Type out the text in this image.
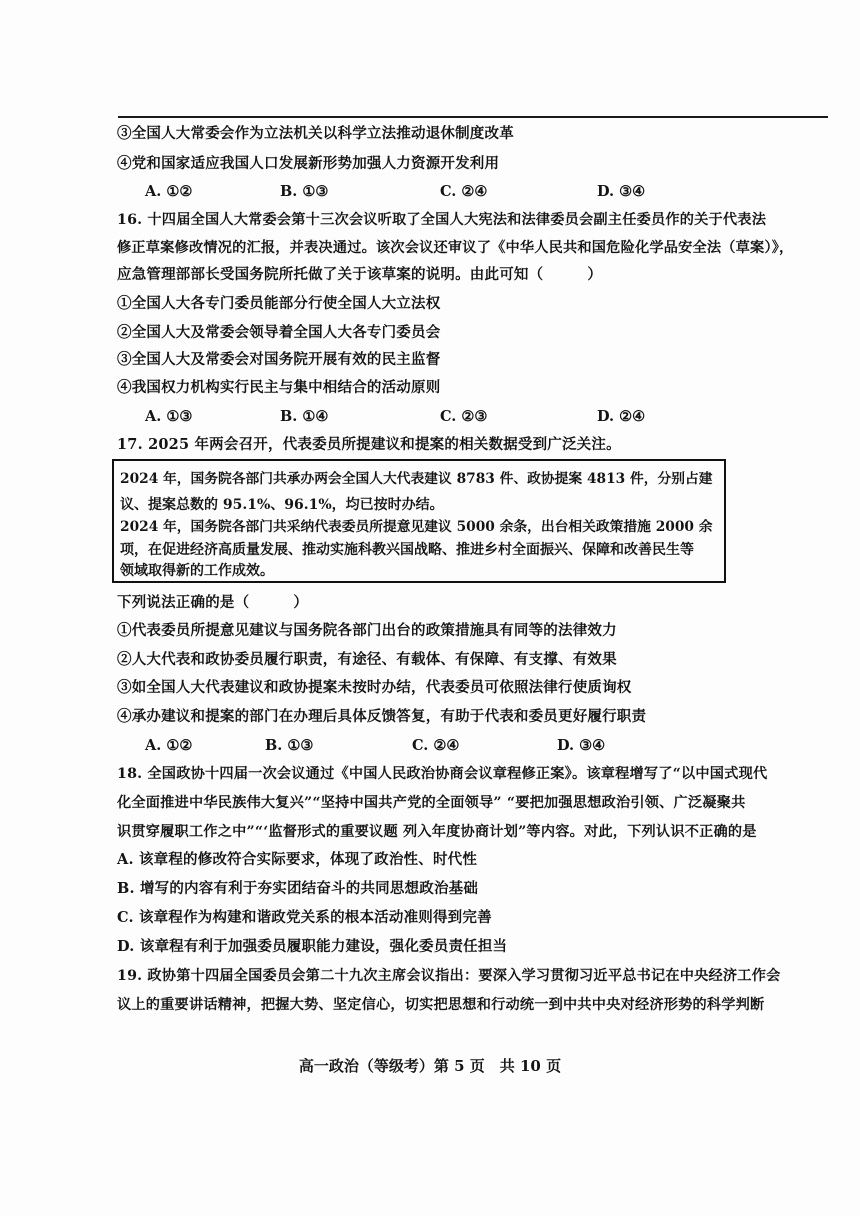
③全国人大常委会作为立法机关以科学立法推动退休制度改革
④党和国家适应我国人口发展新形势加强人力资源开发利用
A. ①②	B. ①③	C. ②④	D. ③④
16. 十四届全国人大常委会第十三次会议听取了全国人大宪法和法律委员会副主任委员作的关于代表法
修正草案修改情况的汇报，并表决通过。该次会议还审议了《中华人民共和国危险化学品安全法（草案）》，
应急管理部部长受国务院所托做了关于该草案的说明。由此可知（　　　）
①全国人大各专门委员能部分行使全国人大立法权
②全国人大及常委会领导着全国人大各专门委员会
③全国人大及常委会对国务院开展有效的民主监督
④我国权力机构实行民主与集中相结合的活动原则
A. ①③	B. ①④	C. ②③	D. ②④
17. 2025 年两会召开，代表委员所提建议和提案的相关数据受到广泛关注。
2024 年，国务院各部门共承办两会全国人大代表建议 8783 件、政协提案 4813 件，分别占建
议、提案总数的 95.1%、96.1%，均已按时办结。
2024 年，国务院各部门共采纳代表委员所提意见建议 5000 余条，出台相关政策措施 2000 余
项，在促进经济高质量发展、推动实施科教兴国战略、推进乡村全面振兴、保障和改善民生等
领域取得新的工作成效。
下列说法正确的是（　　　）
①代表委员所提意见建议与国务院各部门出台的政策措施具有同等的法律效力
②人大代表和政协委员履行职责，有途径、有载体、有保障、有支撑、有效果
③如全国人大代表建议和政协提案未按时办结，代表委员可依照法律行使质询权
④承办建议和提案的部门在办理后具体反馈答复，有助于代表和委员更好履行职责
A. ①②	B. ①③	C. ②④	D. ③④
18. 全国政协十四届一次会议通过《中国人民政治协商会议章程修正案》。该章程增写了“以中国式现代
化全面推进中华民族伟大复兴”“坚持中国共产党的全面领导” “要把加强思想政治引领、广泛凝聚共
识贯穿履职工作之中”“‘监督形式的重要议题 列入年度协商计划”等内容。对此，下列认识不正确的是
A. 该章程的修改符合实际要求，体现了政治性、时代性
B. 增写的内容有利于夯实团结奋斗的共同思想政治基础
C. 该章程作为构建和谐政党关系的根本活动准则得到完善
D. 该章程有利于加强委员履职能力建设，强化委员责任担当
19. 政协第十四届全国委员会第二十九次主席会议指出：要深入学习贯彻习近平总书记在中央经济工作会
议上的重要讲话精神，把握大势、坚定信心，切实把思想和行动统一到中共中央对经济形势的科学判断
高一政治（等级考）第 5 页　共 10 页
